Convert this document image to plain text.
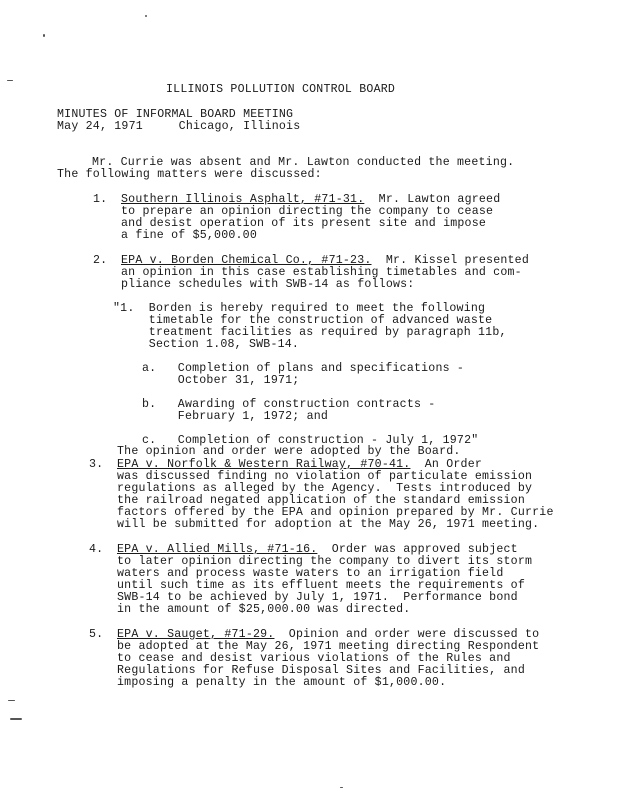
ILLINOIS POLLUTION CONTROL BOARD
MINUTES OF INFORMAL BOARD MEETING
May 24, 1971     Chicago, Illinois
Mr. Currie was absent and Mr. Lawton conducted the meeting.
The following matters were discussed:
1. Southern Illinois Asphalt, #71-31.  Mr. Lawton agreed
to prepare an opinion directing the company to cease
and desist operation of its present site and impose
a fine of $5,000.00
2. EPA v. Borden Chemical Co., #71-23.  Mr. Kissel presented
an opinion in this case establishing timetables and com-
pliance schedules with SWB-14 as follows:
"1.  Borden is hereby required to meet the following
timetable for the construction of advanced waste
treatment facilities as required by paragraph 11b,
Section 1.08, SWB-14.
a.   Completion of plans and specifications -
October 31, 1971;
b.   Awarding of construction contracts -
February 1, 1972; and
c.   Completion of construction - July 1, 1972"
The opinion and order were adopted by the Board.
3. EPA v. Norfolk & Western Railway, #70-41.  An Order
was discussed finding no violation of particulate emission
regulations as alleged by the Agency.  Tests introduced by
the railroad negated application of the standard emission
factors offered by the EPA and opinion prepared by Mr. Currie
will be submitted for adoption at the May 26, 1971 meeting.
4. EPA v. Allied Mills, #71-16.  Order was approved subject
to later opinion directing the company to divert its storm
waters and process waste waters to an irrigation field
until such time as its effluent meets the requirements of
SWB-14 to be achieved by July 1, 1971.  Performance bond
in the amount of $25,000.00 was directed.
5. EPA v. Sauget, #71-29.  Opinion and order were discussed to
be adopted at the May 26, 1971 meeting directing Respondent
to cease and desist various violations of the Rules and
Regulations for Refuse Disposal Sites and Facilities, and
imposing a penalty in the amount of $1,000.00.
